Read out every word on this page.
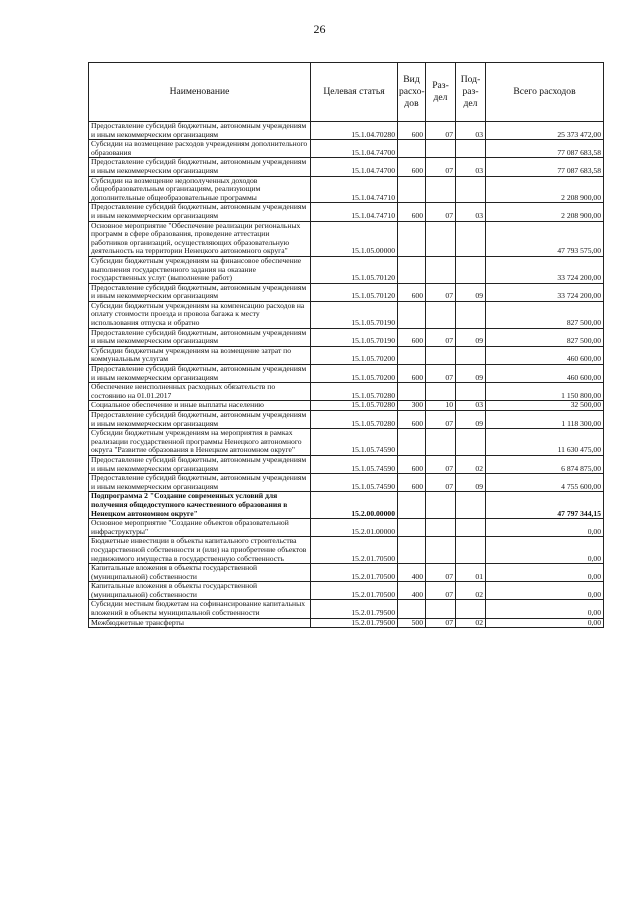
26
Наименование	Целевая статья	Вид расхо-дов	Раз-дел	Под-раз-дел	Всего расходов
Предоставление субсидий бюджетным, автономным учреждениям и иным некоммерческим организациям	15.1.04.70280	600	07	03	25 373 472,00
Субсидии на возмещение расходов учреждениям дополнительного образования	15.1.04.74700				77 087 683,58
Предоставление субсидий бюджетным, автономным учреждениям и иным некоммерческим организациям	15.1.04.74700	600	07	03	77 087 683,58
Субсидии на возмещение недополученных доходов общеобразовательным организациям, реализующим дополнительные общеобразовательные программы	15.1.04.74710				2 208 900,00
Предоставление субсидий бюджетным, автономным учреждениям и иным некоммерческим организациям	15.1.04.74710	600	07	03	2 208 900,00
Основное мероприятие "Обеспечение реализации региональных программ в сфере образования, проведение аттестации работников организаций, осуществляющих образовательную деятельность на территории Ненецкого автономного округа"	15.1.05.00000				47 793 575,00
Субсидии бюджетным учреждениям на финансовое обеспечение выполнения государственного задания на оказание государственных услуг (выполнение работ)	15.1.05.70120				33 724 200,00
Предоставление субсидий бюджетным, автономным учреждениям и иным некоммерческим организациям	15.1.05.70120	600	07	09	33 724 200,00
Субсидии бюджетным учреждениям на компенсацию расходов на оплату стоимости проезда и провоза багажа к месту использования отпуска и обратно	15.1.05.70190				827 500,00
Предоставление субсидий бюджетным, автономным учреждениям и иным некоммерческим организациям	15.1.05.70190	600	07	09	827 500,00
Субсидии бюджетным учреждениям на возмещение затрат по коммунальным услугам	15.1.05.70200				460 600,00
Предоставление субсидий бюджетным, автономным учреждениям и иным некоммерческим организациям	15.1.05.70200	600	07	09	460 600,00
Обеспечение неисполненных расходных обязательств по состоянию на 01.01.2017	15.1.05.70280				1 150 800,00
Социальное обеспечение и иные выплаты населению	15.1.05.70280	300	10	03	32 500,00
Предоставление субсидий бюджетным, автономным учреждениям и иным некоммерческим организациям	15.1.05.70280	600	07	09	1 118 300,00
Субсидии бюджетным учреждениям на мероприятия в рамках реализации государственной программы Ненецкого автономного округа "Развитие образования в Ненецком автономном округе"	15.1.05.74590				11 630 475,00
Предоставление субсидий бюджетным, автономным учреждениям и иным некоммерческим организациям	15.1.05.74590	600	07	02	6 874 875,00
Предоставление субсидий бюджетным, автономным учреждениям и иным некоммерческим организациям	15.1.05.74590	600	07	09	4 755 600,00
Подпрограмма 2 "Создание современных условий для получения общедоступного качественного образования в Ненецком автономном округе"	15.2.00.00000				47 797 344,15
Основное мероприятие "Создание объектов образовательной инфраструктуры"	15.2.01.00000				0,00
Бюджетные инвестиции в объекты капитального строительства государственной собственности и (или) на приобретение объектов недвижимого имущества в государственную собственность	15.2.01.70500				0,00
Капитальные вложения в объекты государственной (муниципальной) собственности	15.2.01.70500	400	07	01	0,00
Капитальные вложения в объекты государственной (муниципальной) собственности	15.2.01.70500	400	07	02	0,00
Субсидии местным бюджетам на софинансирование капитальных вложений в объекты муниципальной собственности	15.2.01.79500				0,00
Межбюджетные трансферты	15.2.01.79500	500	07	02	0,00
